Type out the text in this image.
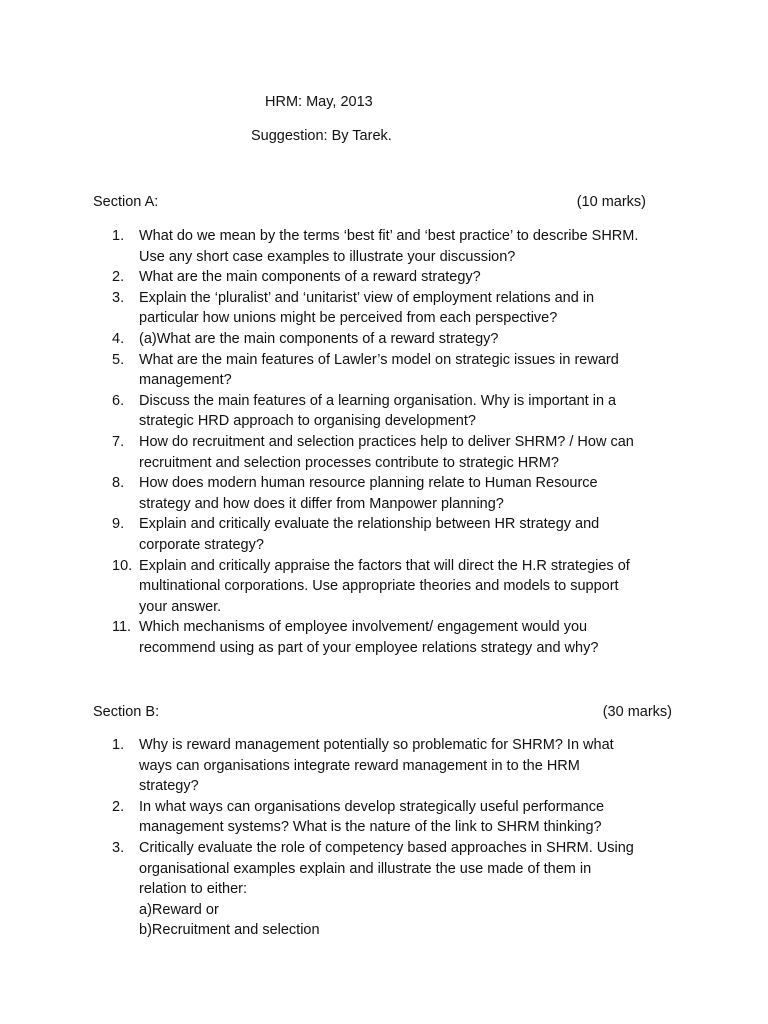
HRM: May, 2013
Suggestion: By Tarek.
Section A:	(10 marks)
1. What do we mean by the terms ‘best fit’ and ‘best practice’ to describe SHRM.
Use any short case examples to illustrate your discussion?
2. What are the main components of a reward strategy?
3. Explain the ‘pluralist’ and ‘unitarist’ view of employment relations and in
particular how unions might be perceived from each perspective?
4. (a)What are the main components of a reward strategy?
5. What are the main features of Lawler’s model on strategic issues in reward
management?
6. Discuss the main features of a learning organisation. Why is important in a
strategic HRD approach to organising development?
7. How do recruitment and selection practices help to deliver SHRM? / How can
recruitment and selection processes contribute to strategic HRM?
8. How does modern human resource planning relate to Human Resource
strategy and how does it differ from Manpower planning?
9. Explain and critically evaluate the relationship between HR strategy and
corporate strategy?
10. Explain and critically appraise the factors that will direct the H.R strategies of
multinational corporations. Use appropriate theories and models to support
your answer.
11. Which mechanisms of employee involvement/ engagement would you
recommend using as part of your employee relations strategy and why?
Section B:	(30 marks)
1. Why is reward management potentially so problematic for SHRM? In what
ways can organisations integrate reward management in to the HRM
strategy?
2. In what ways can organisations develop strategically useful performance
management systems? What is the nature of the link to SHRM thinking?
3. Critically evaluate the role of competency based approaches in SHRM. Using
organisational examples explain and illustrate the use made of them in
relation to either:
a)Reward or
b)Recruitment and selection
